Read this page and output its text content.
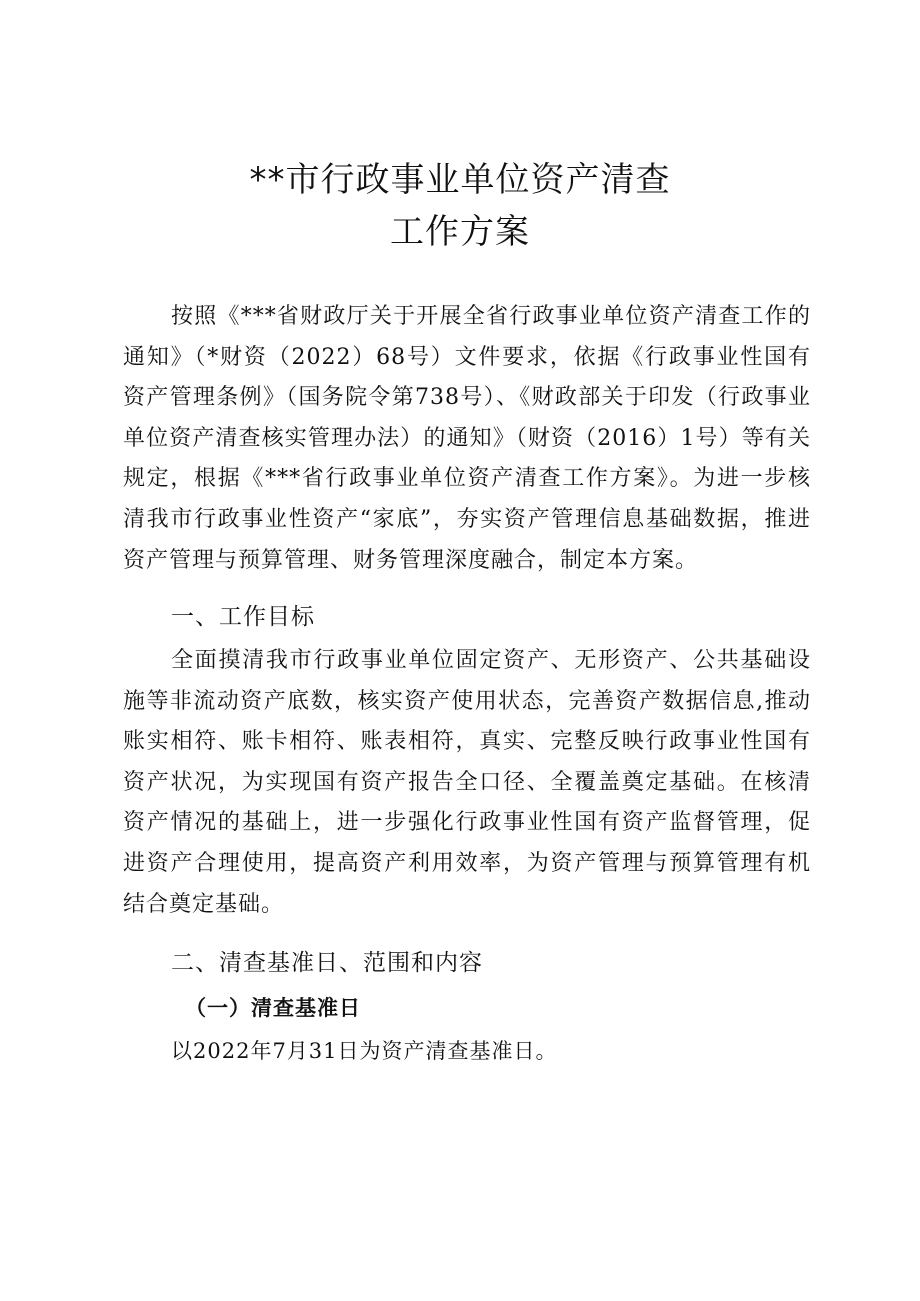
**市行政事业单位资产清查
工作方案

按照《***省财政厅关于开展全省行政事业单位资产清查工作的通知》（*财资（2022）68号）文件要求，依据《行政事业性国有资产管理条例》（国务院令第738号）、《财政部关于印发（行政事业单位资产清查核实管理办法）的通知》（财资（2016）1号）等有关规定，根据《***省行政事业单位资产清查工作方案》。为进一步核清我市行政事业性资产“家底”，夯实资产管理信息基础数据，推进资产管理与预算管理、财务管理深度融合，制定本方案。

一、工作目标

全面摸清我市行政事业单位固定资产、无形资产、公共基础设施等非流动资产底数，核实资产使用状态，完善资产数据信息,推动账实相符、账卡相符、账表相符，真实、完整反映行政事业性国有资产状况，为实现国有资产报告全口径、全覆盖奠定基础。在核清资产情况的基础上，进一步强化行政事业性国有资产监督管理，促进资产合理使用，提高资产利用效率，为资产管理与预算管理有机结合奠定基础。

二、清查基准日、范围和内容
（一）清查基准日

以2022年7月31日为资产清查基准日。
